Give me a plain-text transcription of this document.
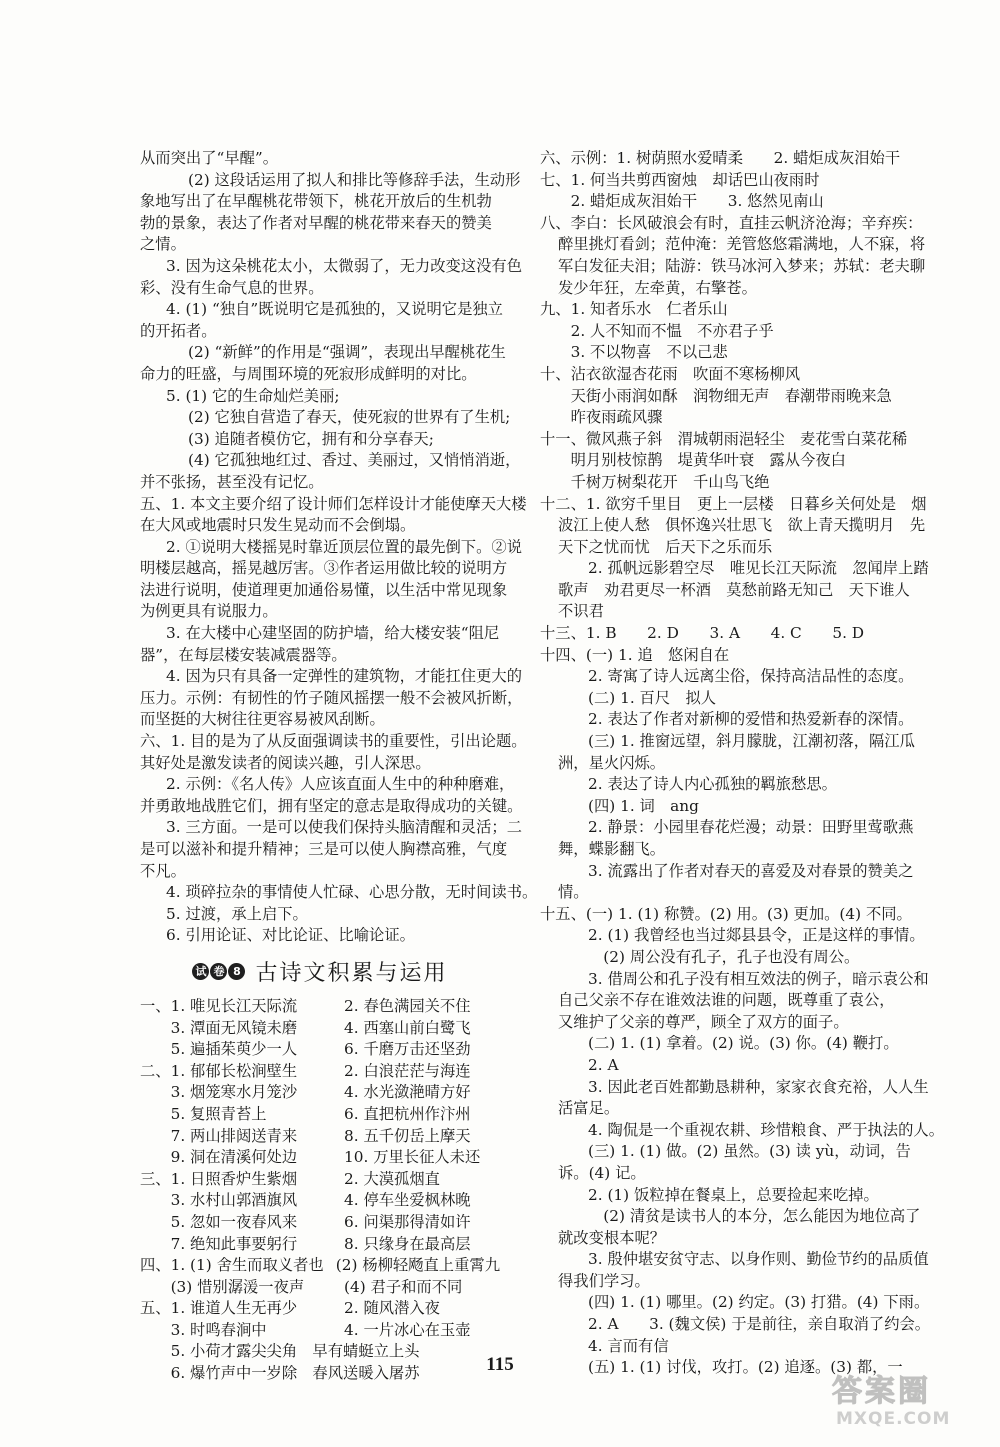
从而突出了“早醒”。
(2) 这段话运用了拟人和排比等修辞手法，生动形
象地写出了在早醒桃花带领下，桃花开放后的生机勃
勃的景象，表达了作者对早醒的桃花带来春天的赞美
之情。
3. 因为这朵桃花太小，太微弱了，无力改变这没有色
彩、没有生命气息的世界。
4. (1) “独自”既说明它是孤独的，又说明它是独立
的开拓者。
(2) “新鲜”的作用是“强调”，表现出早醒桃花生
命力的旺盛，与周围环境的死寂形成鲜明的对比。
5. (1) 它的生命灿烂美丽;
(2) 它独自营造了春天，使死寂的世界有了生机;
(3) 追随者模仿它，拥有和分享春天;
(4) 它孤独地红过、香过、美丽过，又悄悄消逝，
并不张扬，甚至没有记忆。
五、1. 本文主要介绍了设计师们怎样设计才能使摩天大楼
在大风或地震时只发生晃动而不会倒塌。
2. ①说明大楼摇晃时靠近顶层位置的最先倒下。②说
明楼层越高，摇晃越厉害。③作者运用做比较的说明方
法进行说明，使道理更加通俗易懂，以生活中常见现象
为例更具有说服力。
3. 在大楼中心建坚固的防护墙，给大楼安装“阻尼
器”，在每层楼安装减震器等。
4. 因为只有具备一定弹性的建筑物，才能扛住更大的
压力。示例：有韧性的竹子随风摇摆一般不会被风折断，
而坚挺的大树往往更容易被风刮断。
六、1. 目的是为了从反面强调读书的重要性，引出论题。
其好处是激发读者的阅读兴趣，引人深思。
2. 示例：《名人传》人应该直面人生中的种种磨难，
并勇敢地战胜它们，拥有坚定的意志是取得成功的关键。
3. 三方面。一是可以使我们保持头脑清醒和灵活；二
是可以滋补和提升精神；三是可以使人胸襟高雅，气度
不凡。
4. 琐碎拉杂的事情使人忙碌、心思分散，无时间读书。
5. 过渡，承上启下。
6. 引用论证、对比论证、比喻论证。
试 卷 8 古诗文积累与运用
一、1. 唯见长江天际流	2. 春色满园关不住
　　3. 潭面无风镜未磨	4. 西塞山前白鹭飞
　　5. 遍插茱萸少一人	6. 千磨万击还坚劲
二、1. 郁郁长松涧壁生	2. 白浪茫茫与海连
　　3. 烟笼寒水月笼沙	4. 水光潋滟晴方好
　　5. 复照青苔上	6. 直把杭州作汴州
　　7. 两山排闼送青来	8. 五千仞岳上摩天
　　9. 洞在清溪何处边	10. 万里长征人未还
三、1. 日照香炉生紫烟	2. 大漠孤烟直
　　3. 水村山郭酒旗风	4. 停车坐爱枫林晚
　　5. 忽如一夜春风来	6. 问渠那得清如许
　　7. 绝知此事要躬行	8. 只缘身在最高层
四、1. (1) 舍生而取义者也 (2) 杨柳轻飏直上重霄九
　　(3) 惜别潺湲一夜声	(4) 君子和而不同
五、1. 谁道人生无再少	2. 随风潜入夜
　　3. 时鸣春涧中	4. 一片冰心在玉壶
　　5. 小荷才露尖尖角　早有蜻蜓立上头
　　6. 爆竹声中一岁除　春风送暖入屠苏
六、示例：1. 树荫照水爱晴柔　　2. 蜡炬成灰泪始干
七、1. 何当共剪西窗烛　却话巴山夜雨时
　　2. 蜡炬成灰泪始干　　3. 悠然见南山
八、李白：长风破浪会有时，直挂云帆济沧海；辛弃疾：
醉里挑灯看剑；范仲淹：羌管悠悠霜满地，人不寐，将
军白发征夫泪；陆游：铁马冰河入梦来；苏轼：老夫聊
发少年狂，左牵黄，右擎苍。
九、1. 知者乐水　仁者乐山
　　2. 人不知而不愠　不亦君子乎
　　3. 不以物喜　不以己悲
十、沾衣欲湿杏花雨　吹面不寒杨柳风
　　天街小雨润如酥　润物细无声　春潮带雨晚来急
　　昨夜雨疏风骤
十一、微风燕子斜　渭城朝雨浥轻尘　麦花雪白菜花稀
　　明月别枝惊鹊　堤黄华叶衰　露从今夜白
　　千树万树梨花开　千山鸟飞绝
十二、1. 欲穷千里目　更上一层楼　日暮乡关何处是　烟
波江上使人愁　俱怀逸兴壮思飞　欲上青天揽明月　先
天下之忧而忧　后天下之乐而乐
2. 孤帆远影碧空尽　唯见长江天际流　忽闻岸上踏
歌声　劝君更尽一杯酒　莫愁前路无知己　天下谁人
不识君
十三、1. B　　2. D　　3. A　　4. C　　5. D
十四、(一) 1. 追　悠闲自在
2. 寄寓了诗人远离尘俗，保持高洁品性的态度。
(二) 1. 百尺　拟人
2. 表达了作者对新柳的爱惜和热爱新春的深情。
(三) 1. 推窗远望，斜月朦胧，江潮初落，隔江瓜
洲，星火闪烁。
2. 表达了诗人内心孤独的羁旅愁思。
(四) 1. 词　ang
2. 静景：小园里春花烂漫；动景：田野里莺歌燕
舞，蝶影翻飞。
3. 流露出了作者对春天的喜爱及对春景的赞美之
情。
十五、(一) 1. (1) 称赞。(2) 用。(3) 更加。(4) 不同。
2. (1) 我曾经也当过郯县县令，正是这样的事情。
　(2) 周公没有孔子，孔子也没有周公。
3. 借周公和孔子没有相互效法的例子，暗示袁公和
自己父亲不存在谁效法谁的问题，既尊重了袁公，
又维护了父亲的尊严，顾全了双方的面子。
(二) 1. (1) 拿着。(2) 说。(3) 你。(4) 鞭打。
2. A
3. 因此老百姓都勤恳耕种，家家衣食充裕，人人生
活富足。
4. 陶侃是一个重视农耕、珍惜粮食、严于执法的人。
(三) 1. (1) 做。(2) 虽然。(3) 读 yù，动词，告
诉。(4) 记。
2. (1) 饭粒掉在餐桌上，总要捡起来吃掉。
　(2) 清贫是读书人的本分，怎么能因为地位高了
就改变根本呢？
3. 殷仲堪安贫守志、以身作则、勤俭节约的品质值
得我们学习。
(四) 1. (1) 哪里。(2) 约定。(3) 打猎。(4) 下雨。
2. A　　3. (魏文侯) 于是前往，亲自取消了约会。
4. 言而有信
(五) 1. (1) 讨伐，攻打。(2) 追逐。(3) 都，一
115
答案圈
MXQE.COM
